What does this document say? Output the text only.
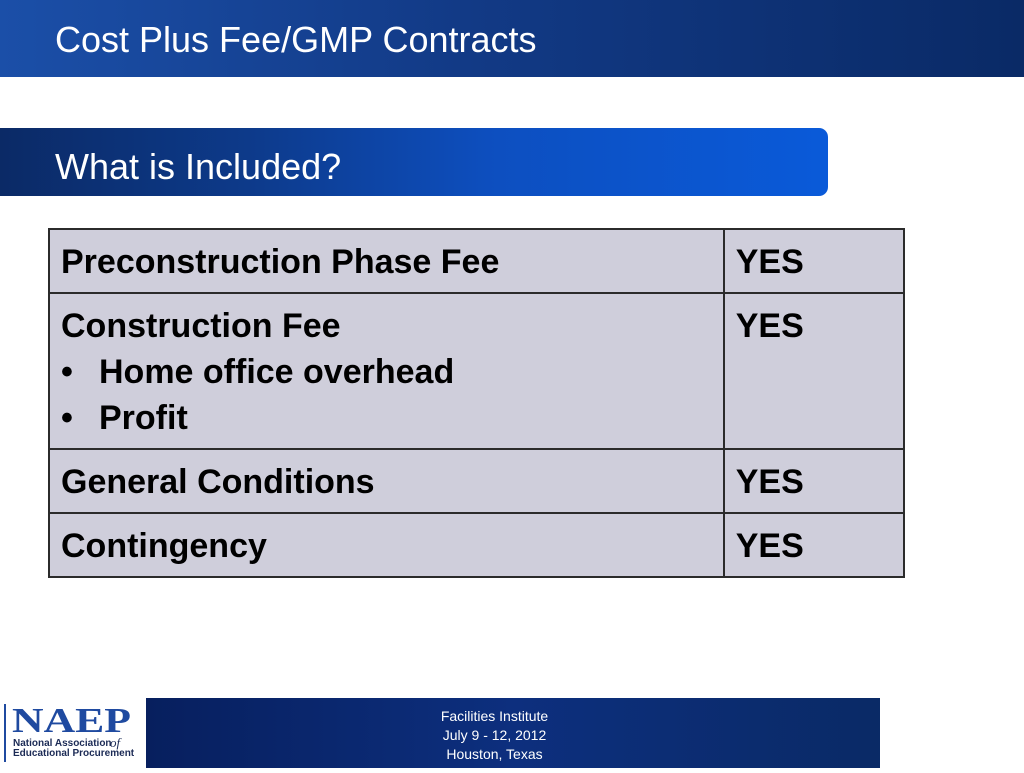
Cost Plus Fee/GMP Contracts
What is Included?
Preconstruction Phase Fee	YES

Construction Fee
• Home office overhead
• Profit	YES
General Conditions	YES
Contingency	YES
NAEP
National Association
of
Educational Procurement
Facilities Institute
July 9 - 12, 2012
Houston, Texas
